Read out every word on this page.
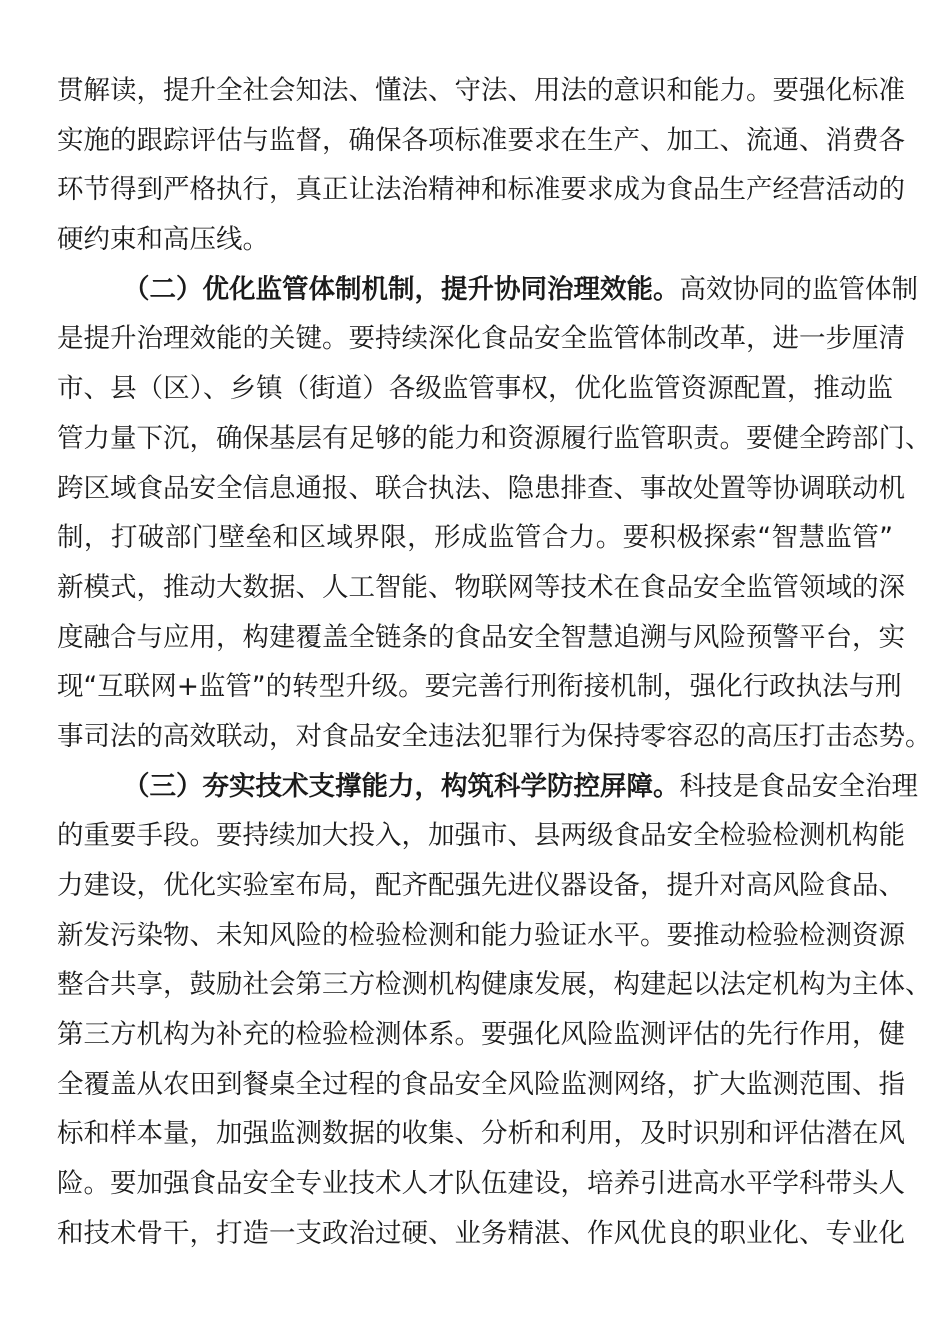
贯解读，提升全社会知法、懂法、守法、用法的意识和能力。要强化标准
实施的跟踪评估与监督，确保各项标准要求在生产、加工、流通、消费各
环节得到严格执行，真正让法治精神和标准要求成为食品生产经营活动的
硬约束和高压线。
（二）优化监管体制机制，提升协同治理效能。高效协同的监管体制
是提升治理效能的关键。要持续深化食品安全监管体制改革，进一步厘清
市、县（区）、乡镇（街道）各级监管事权，优化监管资源配置，推动监
管力量下沉，确保基层有足够的能力和资源履行监管职责。要健全跨部门、
跨区域食品安全信息通报、联合执法、隐患排查、事故处置等协调联动机
制，打破部门壁垒和区域界限，形成监管合力。要积极探索“智慧监管”
新模式，推动大数据、人工智能、物联网等技术在食品安全监管领域的深
度融合与应用，构建覆盖全链条的食品安全智慧追溯与风险预警平台，实
现“互联网+监管”的转型升级。要完善行刑衔接机制，强化行政执法与刑
事司法的高效联动，对食品安全违法犯罪行为保持零容忍的高压打击态势。
（三）夯实技术支撑能力，构筑科学防控屏障。科技是食品安全治理
的重要手段。要持续加大投入，加强市、县两级食品安全检验检测机构能
力建设，优化实验室布局，配齐配强先进仪器设备，提升对高风险食品、
新发污染物、未知风险的检验检测和能力验证水平。要推动检验检测资源
整合共享，鼓励社会第三方检测机构健康发展，构建起以法定机构为主体、
第三方机构为补充的检验检测体系。要强化风险监测评估的先行作用，健
全覆盖从农田到餐桌全过程的食品安全风险监测网络，扩大监测范围、指
标和样本量，加强监测数据的收集、分析和利用，及时识别和评估潜在风
险。要加强食品安全专业技术人才队伍建设，培养引进高水平学科带头人
和技术骨干，打造一支政治过硬、业务精湛、作风优良的职业化、专业化
